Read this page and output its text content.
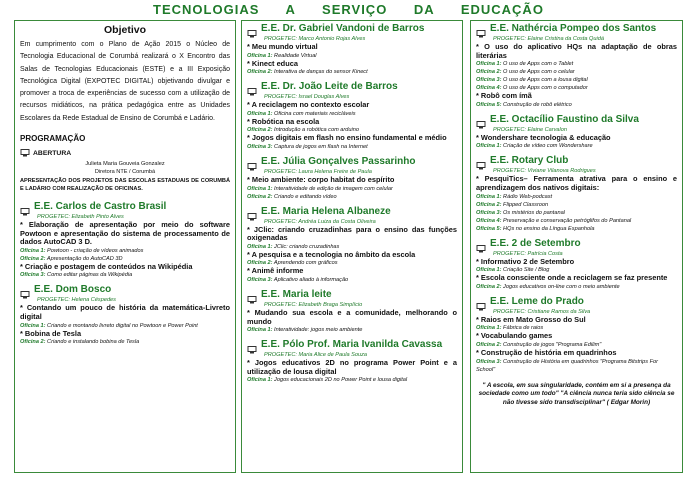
TECNOLOGIAS A SERVIÇO DA EDUCAÇÃO
Objetivo
Em cumprimento com o Plano de Ação 2015 o Núcleo de Tecnologia Educacional de Corumbá realizará o X Encontro das Salas de Tecnologias Educacionais (ESTE) e a III Exposição Tecnológica Digital (EXPOTEC DIGITAL) objetivando divulgar e promover a troca de experiências de sucesso com a utilização de recursos midiáticos, na prática pedagógica entre as Unidades Escolares da Rede Estadual de Ensino de Corumbá e Ladário.
PROGRAMAÇÃO
ABERTURA
Julieta Maria Gouveia Gonzalez
Diretora NTE / Corumbá
APRESENTAÇÃO DOS PROJETOS DAS ESCOLAS ESTADUAIS DE CORUMBÁ E LADÁRIO COM REALIZAÇÃO DE OFICINAS.
E.E. Carlos de Castro Brasil
PROGETEC: Elizabeth Pinto Alves
* Elaboração de apresentação por meio do software Powtoon e apresentação do sistema de processamento de dados AutoCAD 3 D.
Oficina 1: Powtoon - criação de vídeos animados
Oficina 2: Apresentação do AutoCAD 3D
* Criação e postagem de conteúdos na Wikipédia
Oficina 3: Como editar páginas da Wikipédia
E.E. Dom Bosco
PROGETEC: Helena Céspedes
* Contando um pouco de história da matemática-Livreto digital
Oficina 1: Criando e montando livreto digital no Powtoon e Power Point
* Bobina de Tesla
Oficina 2: Criando e instalando bobina de Tesla
E.E. Dr. Gabriel Vandoni de Barros
PROGETEC: Marco Antonio Rojas Alves
* Meu mundo virtual
Oficina 1: Realidade Virtual
* Kinect educa
Oficina 2: Interativa de danças do sensor Kinect
E.E. Dr. João Leite de Barros
PROGETEC: Israel Douglas Alves
* A reciclagem no contexto escolar
Oficina 1: Oficina com materiais recicláveis
* Robótica na escola
Oficina 2: Introdução a robótica com arduino
* Jogos digitais em flash no ensino fundamental e médio
Oficina 3: Captura de jogos em flash na Internet
E.E. Júlia Gonçalves Passarinho
PROGETEC: Laura Helena Freire de Paula
* Meio ambiente: corpo habitat do espírito
Oficina 1: Interatividade de edição de imagem com celular
Oficina 2: Criando e editando vídeo
E.E. Maria Helena Albaneze
PROGETEC: Andréa Luiza da Costa Oliveira
* JClic: criando cruzadinhas para o ensino das funções oxigenadas
Oficina 1: JClic: criando cruzadinhas
* A pesquisa e a tecnologia no âmbito da escola
Oficina 2: Aprendendo com gráficos
* Animê informe
Oficina 3: Aplicativo aliado à informação
E.E. Maria leite
PROGETEC: Elizabeth Braga Simplício
* Mudando sua escola e a comunidade, melhorando o mundo
Oficina 1: Interatividade: jogos meio ambiente
E.E. Pólo Prof. Maria Ivanilda Cavassa
PROGETEC: Maria Alice de Paula Souza
* Jogos educativos 2D no programa Power Point e a utilização de lousa digital
Oficina 1: Jogos educacionais 2D no Power Point e lousa digital
E.E. Nathércia Pompeo dos Santos
PROGETEC: Elaine Cristina da Costa Quidá
* O uso do aplicativo HQs na adaptação de obras literárias
Oficina 1: O uso de Apps com o Tablet
Oficina 2: O uso de Apps com o celular
Oficina 3: O uso de Apps com a lousa digital
Oficina 4: O uso de Apps com o computador
* Robô com ímã
Oficina 5: Construção de robô elétrico
E.E. Octacílio Faustino da Silva
PROGETEC: Elaine Carvalon
* Wondershare tecnologia & educação
Oficina 1: Criação de vídeo com Wondershare
E.E. Rotary Club
PROGETEC: Viviane Vilanova Rodrigues
* PesquiTics– Ferramenta atrativa para o ensino e aprendizagem dos nativos digitais:
Oficina 1: Rádio Web-podcast
Oficina 2: Flipped Classroon
Oficina 3: Os mistérios do pantanal
Oficina 4: Preservação e conservação petróglifos do Pantanal
Oficina 5: HQs no ensino da Língua Espanhola
E.E. 2 de Setembro
PROGETEC: Patrícia Costa
* Informativo 2 de Setembro
Oficina 1: Criação Site / Blog
* Escola consciente onde a reciclagem se faz presente
Oficina 2: Jogos educativos on-line com o meio ambiente
E.E. Leme do Prado
PROGETEC: Cristiane Ramos da Silva
* Raios em Mato Grosso do Sul
Oficina 1: Fábrica de raios
* Vocabulando games
Oficina 2: Construção de jogos "Programa Edilim"
* Construção de história em quadrinhos
Oficina 3: Construção de História em quadrinhos "Programa Bitstrips For School"
" A escola, em sua singularidade, contém em si a presença da sociedade como um todo" "A ciência nunca teria sido ciência se não tivesse sido transdisciplinar" ( Edgar Morin)
